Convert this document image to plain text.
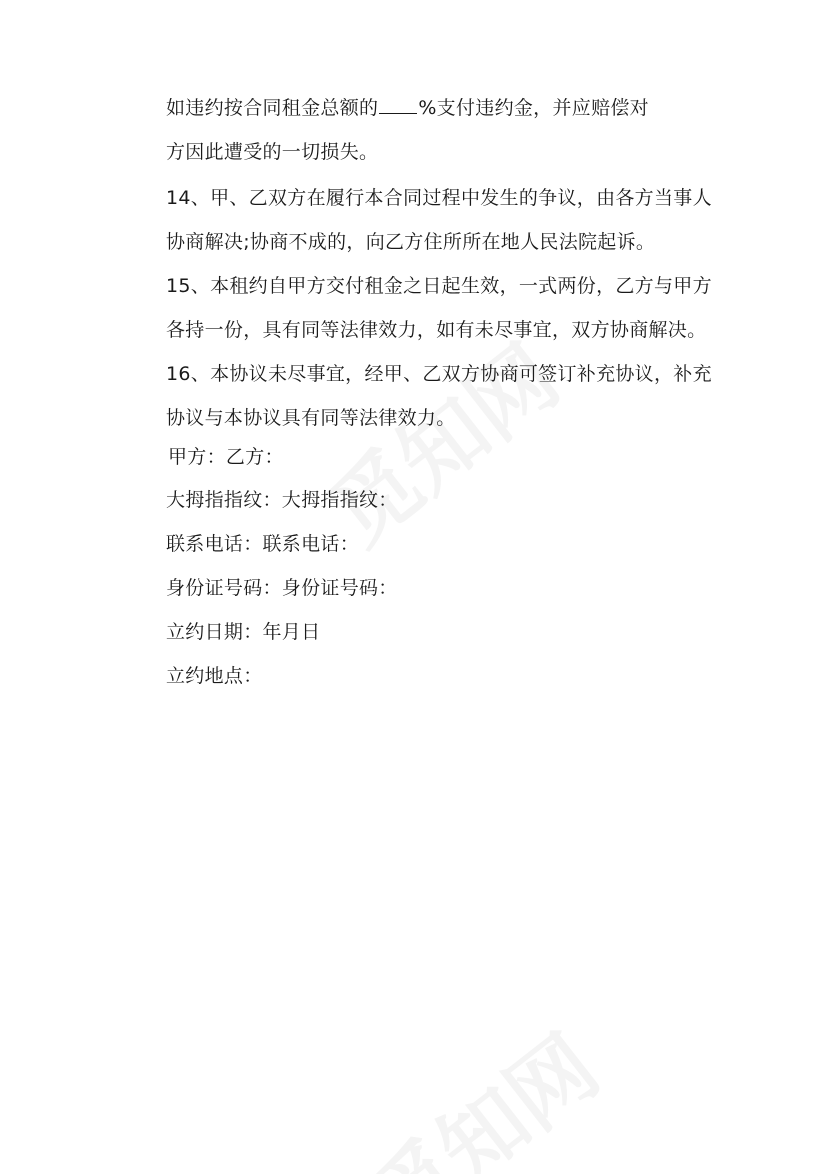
如违约按合同租金总额的 %支付违约金，并应赔偿对
方因此遭受的一切损失。
14、甲、乙双方在履行本合同过程中发生的争议，由各方当事人
协商解决;协商不成的，向乙方住所所在地人民法院起诉。
15、本租约自甲方交付租金之日起生效，一式两份，乙方与甲方
各持一份，具有同等法律效力，如有未尽事宜，双方协商解决。
16、本协议未尽事宜，经甲、乙双方协商可签订补充协议，补充
协议与本协议具有同等法律效力。
甲方：乙方：
大拇指指纹：大拇指指纹：
联系电话：联系电话：
身份证号码：身份证号码：
立约日期：年月日
立约地点：
